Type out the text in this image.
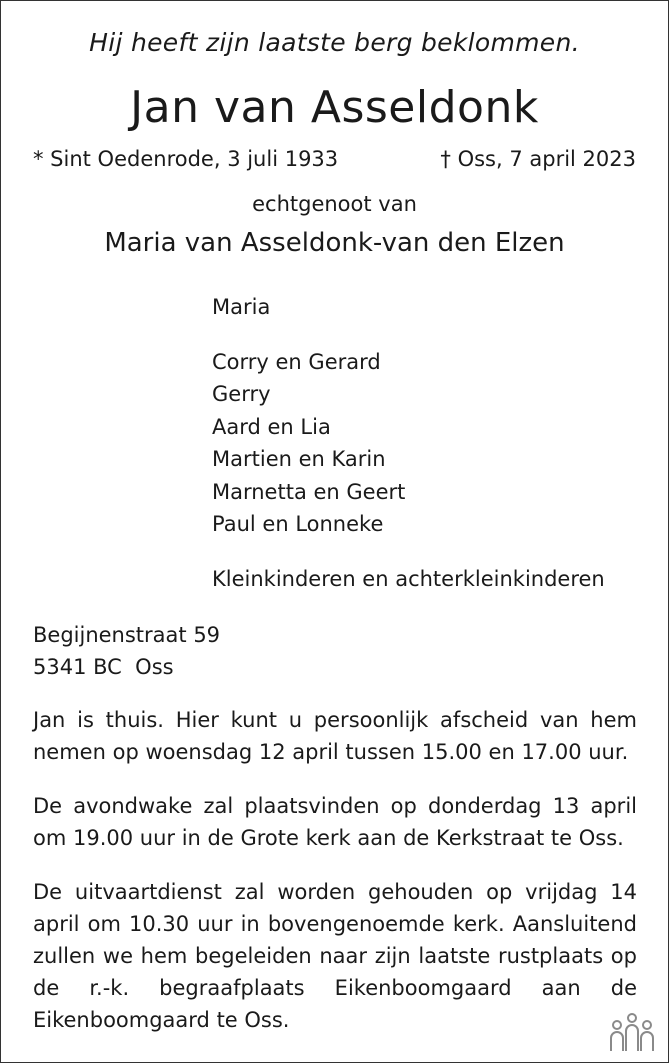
Hij heeft zijn laatste berg beklommen.
Jan van Asseldonk
* Sint Oedenrode, 3 juli 1933	† Oss, 7 april 2023
echtgenoot van
Maria van Asseldonk-van den Elzen
Maria
Corry en Gerard
Gerry
Aard en Lia
Martien en Karin
Marnetta en Geert
Paul en Lonneke
Kleinkinderen en achterkleinkinderen
Begijnenstraat 59
5341 BC  Oss
Jan is thuis. Hier kunt u persoonlijk afscheid van hem nemen op woensdag 12 april tussen 15.00 en 17.00 uur.
De avondwake zal plaatsvinden op donderdag 13 april om 19.00 uur in de Grote kerk aan de Kerkstraat te Oss.
De uitvaartdienst zal worden gehouden op vrijdag 14 april om 10.30 uur in bovengenoemde kerk. Aansluitend zullen we hem begeleiden naar zijn laatste rustplaats op de r.-k. begraafplaats Eikenboomgaard aan de Eikenboomgaard te Oss.
